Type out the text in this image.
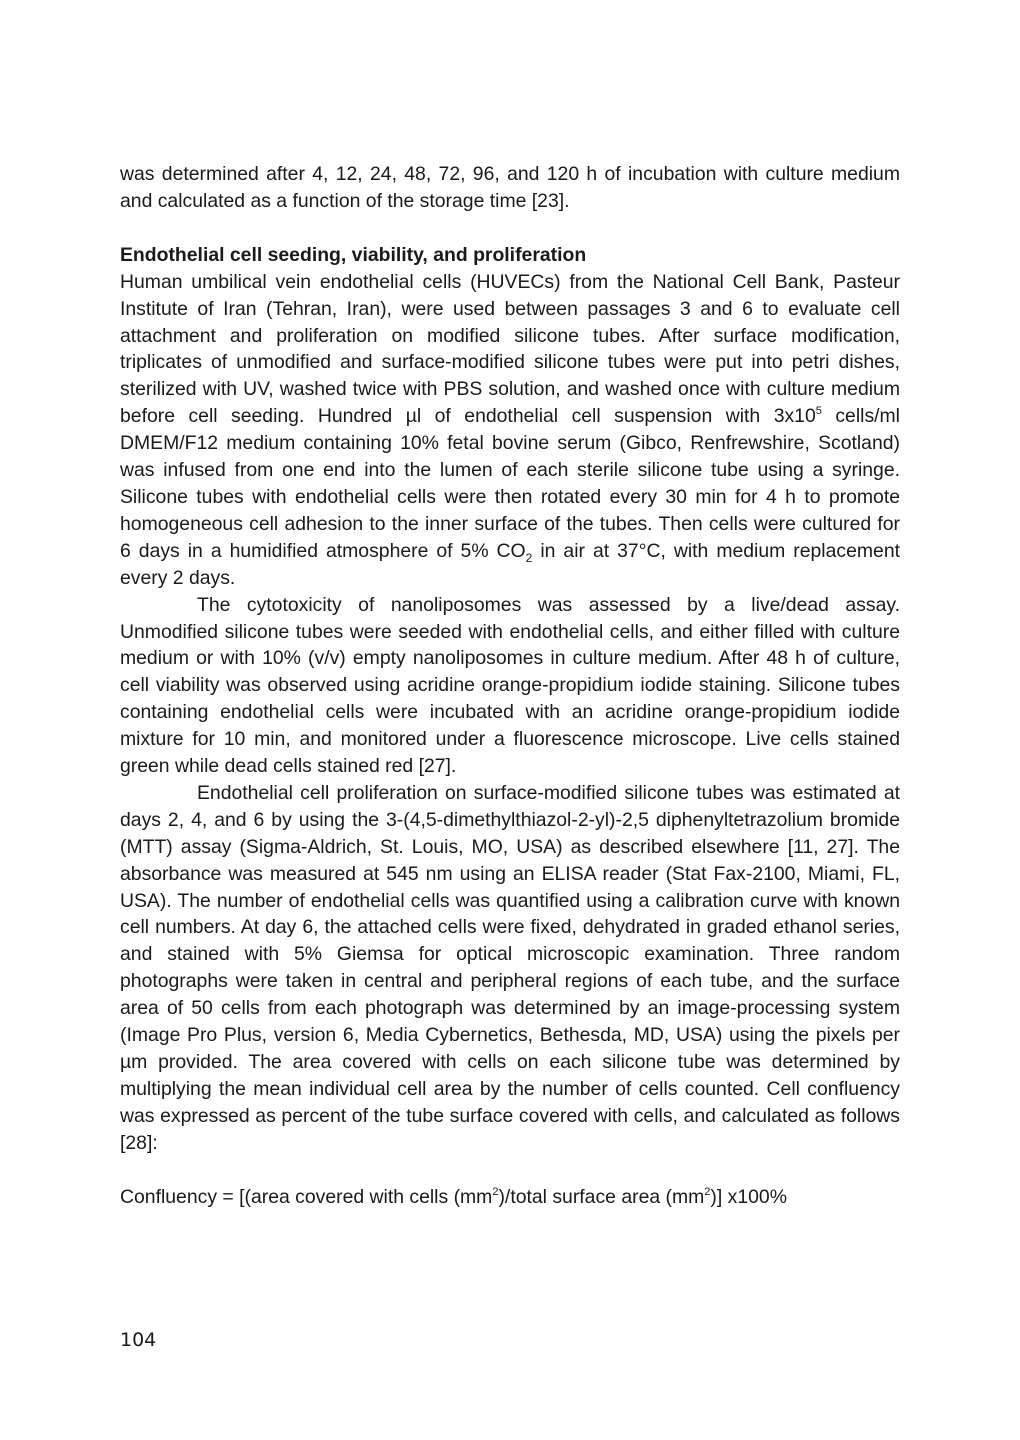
was determined after 4, 12, 24, 48, 72, 96, and 120 h of incubation with culture medium and calculated as a function of the storage time [23].

Endothelial cell seeding, viability, and proliferation

Human umbilical vein endothelial cells (HUVECs) from the National Cell Bank, Pasteur Institute of Iran (Tehran, Iran), were used between passages 3 and 6 to evaluate cell attachment and proliferation on modified silicone tubes. After surface modification, triplicates of unmodified and surface-modified silicone tubes were put into petri dishes, sterilized with UV, washed twice with PBS solution, and washed once with culture medium before cell seeding. Hundred µl of endothelial cell suspension with $3x10^5$ cells/ml DMEM/F12 medium containing 10% fetal bovine serum (Gibco, Renfrewshire, Scotland) was infused from one end into the lumen of each sterile silicone tube using a syringe. Silicone tubes with endothelial cells were then rotated every 30 min for 4 h to promote homogeneous cell adhesion to the inner surface of the tubes. Then cells were cultured for 6 days in a humidified atmosphere of 5% $CO_2$ in air at 37°C, with medium replacement every 2 days.

The cytotoxicity of nanoliposomes was assessed by a live/dead assay. Unmodified silicone tubes were seeded with endothelial cells, and either filled with culture medium or with 10% (v/v) empty nanoliposomes in culture medium. After 48 h of culture, cell viability was observed using acridine orange-propidium iodide staining. Silicone tubes containing endothelial cells were incubated with an acridine orange-propidium iodide mixture for 10 min, and monitored under a fluorescence microscope. Live cells stained green while dead cells stained red [27].

Endothelial cell proliferation on surface-modified silicone tubes was estimated at days 2, 4, and 6 by using the 3-(4,5-dimethylthiazol-2-yl)-2,5 diphenyltetrazolium bromide (MTT) assay (Sigma-Aldrich, St. Louis, MO, USA) as described elsewhere [11, 27]. The absorbance was measured at 545 nm using an ELISA reader (Stat Fax-2100, Miami, FL, USA). The number of endothelial cells was quantified using a calibration curve with known cell numbers. At day 6, the attached cells were fixed, dehydrated in graded ethanol series, and stained with 5% Giemsa for optical microscopic examination. Three random photographs were taken in central and peripheral regions of each tube, and the surface area of 50 cells from each photograph was determined by an image-processing system (Image Pro Plus, version 6, Media Cybernetics, Bethesda, MD, USA) using the pixels per µm provided. The area covered with cells on each silicone tube was determined by multiplying the mean individual cell area by the number of cells counted. Cell confluency was expressed as percent of the tube surface covered with cells, and calculated as follows [28]:

Confluency = [(area covered with cells $(mm^2)$/total surface area $(mm^2)$] x100%

104
